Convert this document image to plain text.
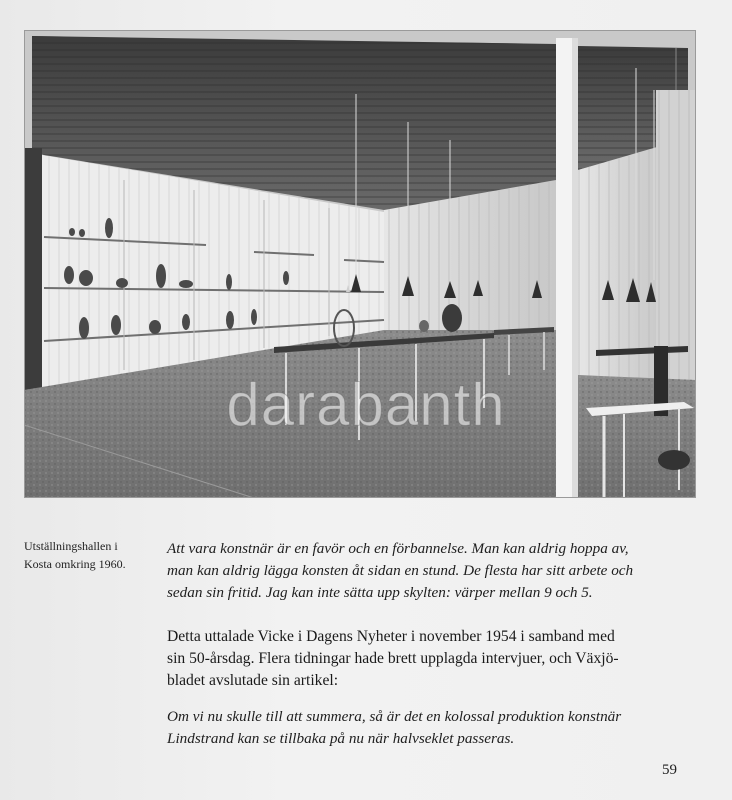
darabanth
Utställningshallen i
Kosta omkring 1960.
Att vara konstnär är en favör och en förbannelse. Man kan aldrig hoppa av,
man kan aldrig lägga konsten åt sidan en stund. De flesta har sitt arbete och
sedan sin fritid. Jag kan inte sätta upp skylten: värper mellan 9 och 5.
Detta uttalade Vicke i Dagens Nyheter i november 1954 i samband med
sin 50-årsdag. Flera tidningar hade brett upplagda intervjuer, och Växjö-
bladet avslutade sin artikel:
Om vi nu skulle till att summera, så är det en kolossal produktion konstnär
Lindstrand kan se tillbaka på nu när halvseklet passeras.
59
